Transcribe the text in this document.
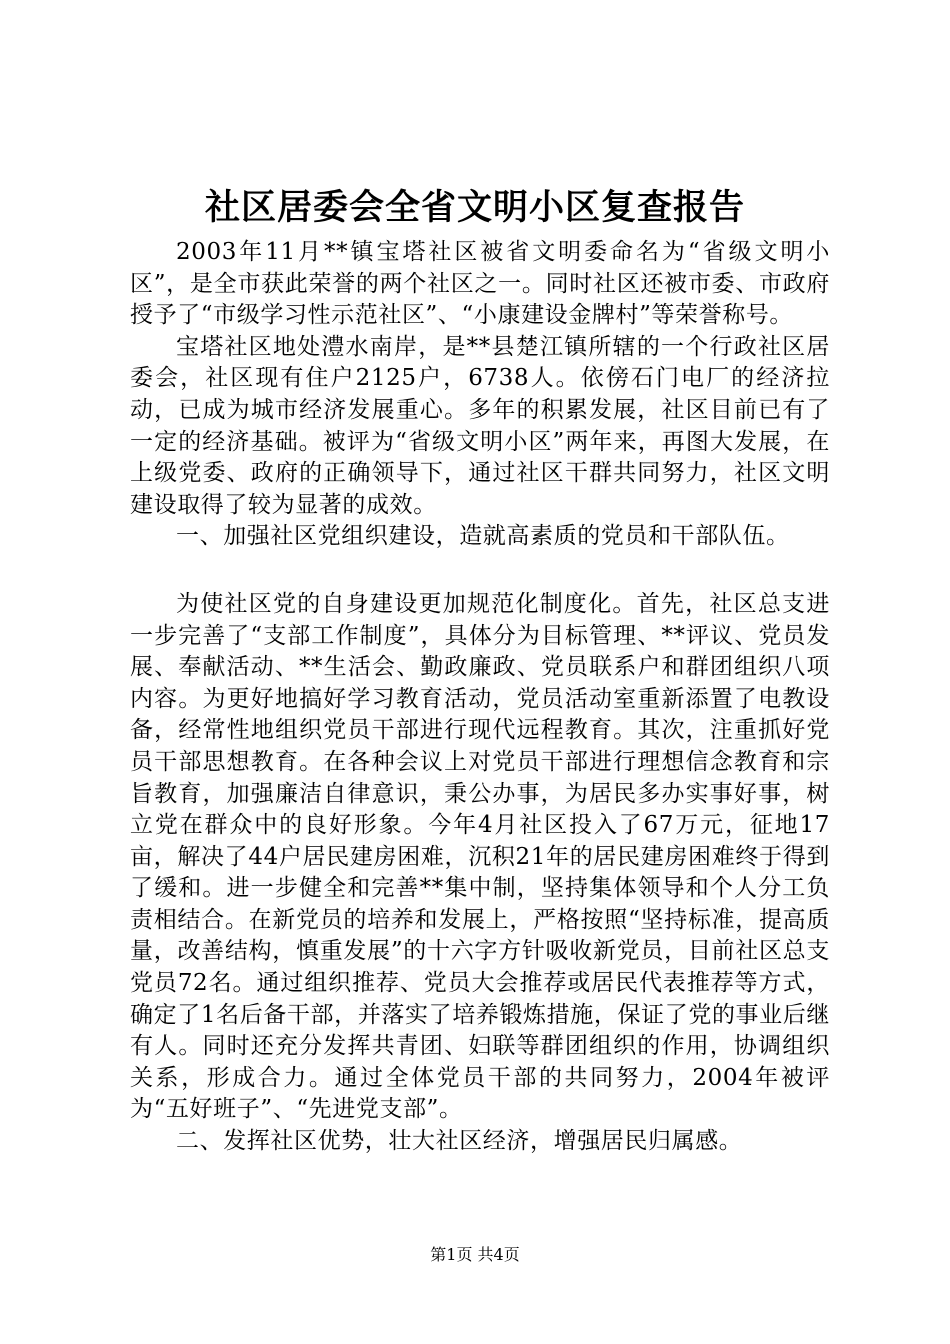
社区居委会全省文明小区复查报告

2003年11月**镇宝塔社区被省文明委命名为“省级文明小区”，是全市获此荣誉的两个社区之一。同时社区还被市委、市政府授予了“市级学习性示范社区”、“小康建设金牌村”等荣誉称号。

宝塔社区地处澧水南岸，是**县楚江镇所辖的一个行政社区居委会，社区现有住户2125户，6738人。依傍石门电厂的经济拉动，已成为城市经济发展重心。多年的积累发展，社区目前已有了一定的经济基础。被评为“省级文明小区”两年来，再图大发展，在上级党委、政府的正确领导下，通过社区干群共同努力，社区文明建设取得了较为显著的成效。

一、加强社区党组织建设，造就高素质的党员和干部队伍。

为使社区党的自身建设更加规范化制度化。首先，社区总支进一步完善了“支部工作制度”，具体分为目标管理、**评议、党员发展、奉献活动、**生活会、勤政廉政、党员联系户和群团组织八项内容。为更好地搞好学习教育活动，党员活动室重新添置了电教设备，经常性地组织党员干部进行现代远程教育。其次，注重抓好党员干部思想教育。在各种会议上对党员干部进行理想信念教育和宗旨教育，加强廉洁自律意识，秉公办事，为居民多办实事好事，树立党在群众中的良好形象。今年4月社区投入了67万元，征地17亩，解决了44户居民建房困难，沉积21年的居民建房困难终于得到了缓和。进一步健全和完善**集中制，坚持集体领导和个人分工负责相结合。在新党员的培养和发展上，严格按照“坚持标准，提高质量，改善结构，慎重发展”的十六字方针吸收新党员，目前社区总支党员72名。通过组织推荐、党员大会推荐或居民代表推荐等方式，确定了1名后备干部，并落实了培养锻炼措施，保证了党的事业后继有人。同时还充分发挥共青团、妇联等群团组织的作用，协调组织关系，形成合力。通过全体党员干部的共同努力，2004年被评为“五好班子”、“先进党支部”。

二、发挥社区优势，壮大社区经济，增强居民归属感。

第1页 共4页
